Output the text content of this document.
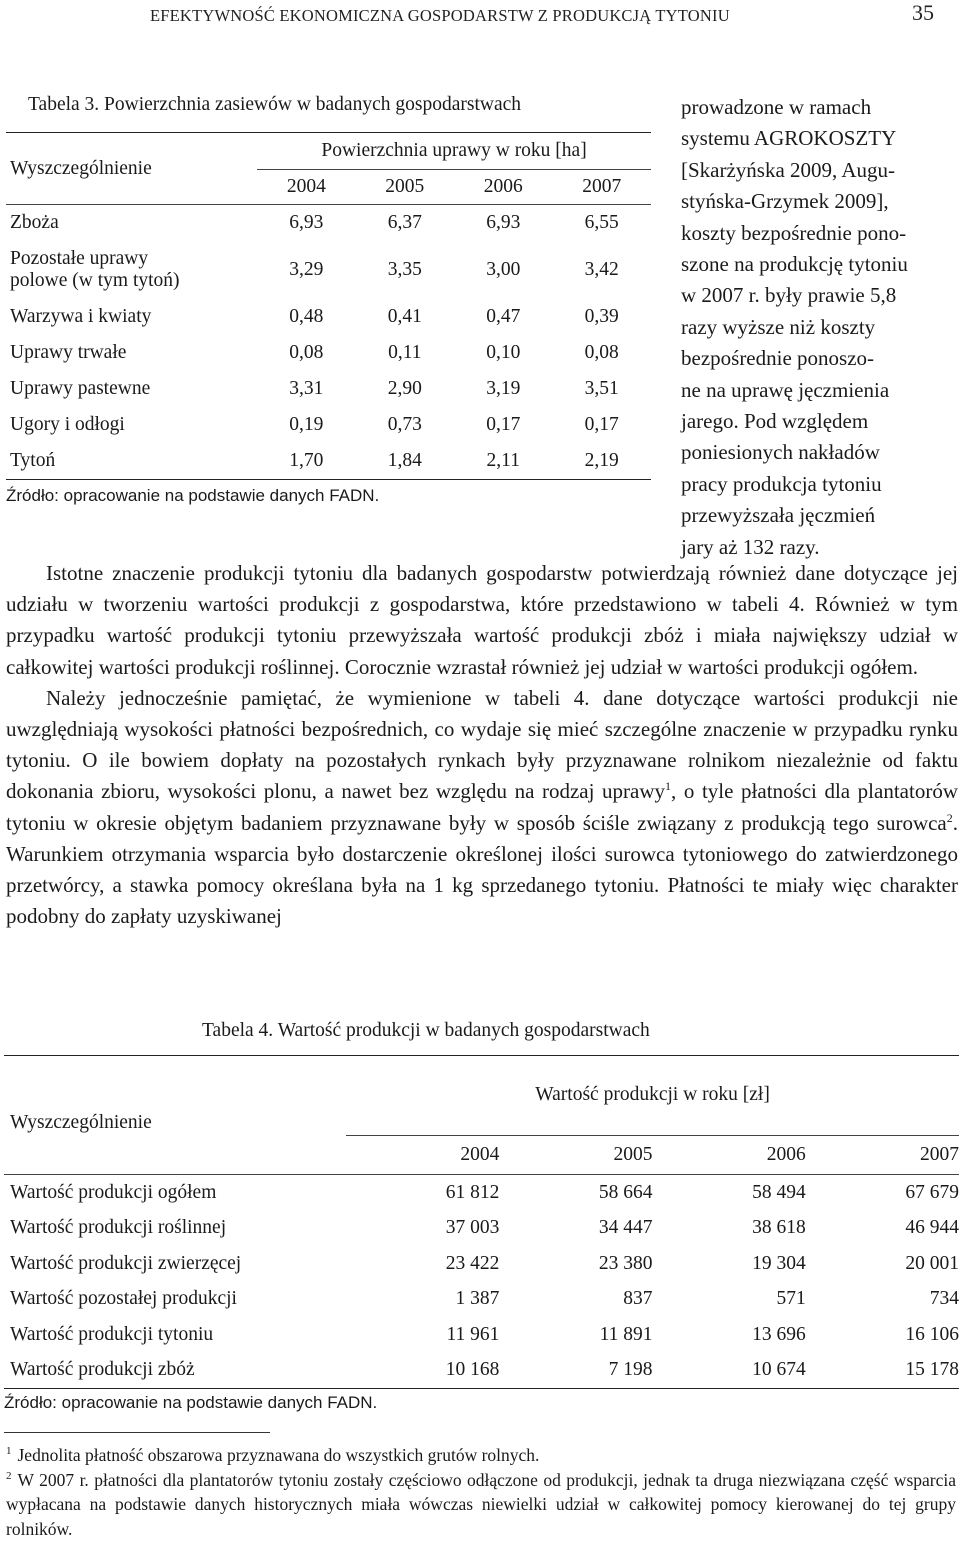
EFEKTYWNOŚĆ EKONOMICZNA GOSPODARSTW Z PRODUKCJĄ TYTONIU	35
Tabela 3. Powierzchnia zasiewów w badanych gospodarstwach
Wyszczególnienie	Powierzchnia uprawy w roku [ha]			
	2004	2005	2006	2007
Zboża	6,93	6,37	6,93	6,55

Pozostałe uprawy
polowe (w tym tytoń)	3,29	3,35	3,00	3,42
Warzywa i kwiaty	0,48	0,41	0,47	0,39
Uprawy trwałe	0,08	0,11	0,10	0,08
Uprawy pastewne	3,31	2,90	3,19	3,51
Ugory i odłogi	0,19	0,73	0,17	0,17
Tytoń	1,70	1,84	2,11	2,19
Źródło: opracowanie na podstawie danych FADN.
prowadzone w ramach
systemu AGROKOSZTY
[Skarżyńska 2009, Augu-
styńska-Grzymek 2009],
koszty bezpośrednie pono-
szone na produkcję tytoniu
w 2007 r. były prawie 5,8
razy wyższe niż koszty
bezpośrednie ponoszo-
ne na uprawę jęczmienia
jarego. Pod względem
poniesionych nakładów
pracy produkcja tytoniu
przewyższała jęczmień
jary aż 132 razy.

Istotne znaczenie produkcji tytoniu dla badanych gospodarstw potwierdzają również dane dotyczące jej udziału w tworzeniu wartości produkcji z gospodarstwa, które przedstawiono w tabeli 4. Również w tym przypadku wartość produkcji tytoniu przewyższała wartość produkcji zbóż i miała największy udział w całkowitej wartości produkcji roślinnej. Corocznie wzrastał również jej udział w wartości produkcji ogółem.

Należy jednocześnie pamiętać, że wymienione w tabeli 4. dane dotyczące wartości produkcji nie uwzględniają wysokości płatności bezpośrednich, co wydaje się mieć szczególne znaczenie w przypadku rynku tytoniu. O ile bowiem dopłaty na pozostałych rynkach były przyznawane rolnikom niezależnie od faktu dokonania zbioru, wysokości plonu, a nawet bez względu na rodzaj uprawy$^1$, o tyle płatności dla plantatorów tytoniu w okresie objętym badaniem przyznawane były w sposób ściśle związany z produkcją tego surowca$^2$. Warunkiem otrzymania wsparcia było dostarczenie określonej ilości surowca tytoniowego do zatwierdzonego przetwórcy, a stawka pomocy określana była na 1 kg sprzedanego tytoniu. Płatności te miały więc charakter podobny do zapłaty uzyskiwanej

Tabela 4. Wartość produkcji w badanych gospodarstwach
Wyszczególnienie	Wartość produkcji w roku [zł]			
	2004	2005	2006	2007
Wartość produkcji ogółem	61 812	58 664	58 494	67 679
Wartość produkcji roślinnej	37 003	34 447	38 618	46 944
Wartość produkcji zwierzęcej	23 422	23 380	19 304	20 001
Wartość pozostałej produkcji	1 387	837	571	734
Wartość produkcji tytoniu	11 961	11 891	13 696	16 106
Wartość produkcji zbóż	10 168	7 198	10 674	15 178
Źródło: opracowanie na podstawie danych FADN.
$^1$ Jednolita płatność obszarowa przyznawana do wszystkich grutów rolnych.
$^2$ W 2007 r. płatności dla plantatorów tytoniu zostały częściowo odłączone od produkcji, jednak ta druga niezwiązana część wsparcia wypłacana na podstawie danych historycznych miała wówczas niewielki udział w całkowitej pomocy kierowanej do tej grupy rolników.
